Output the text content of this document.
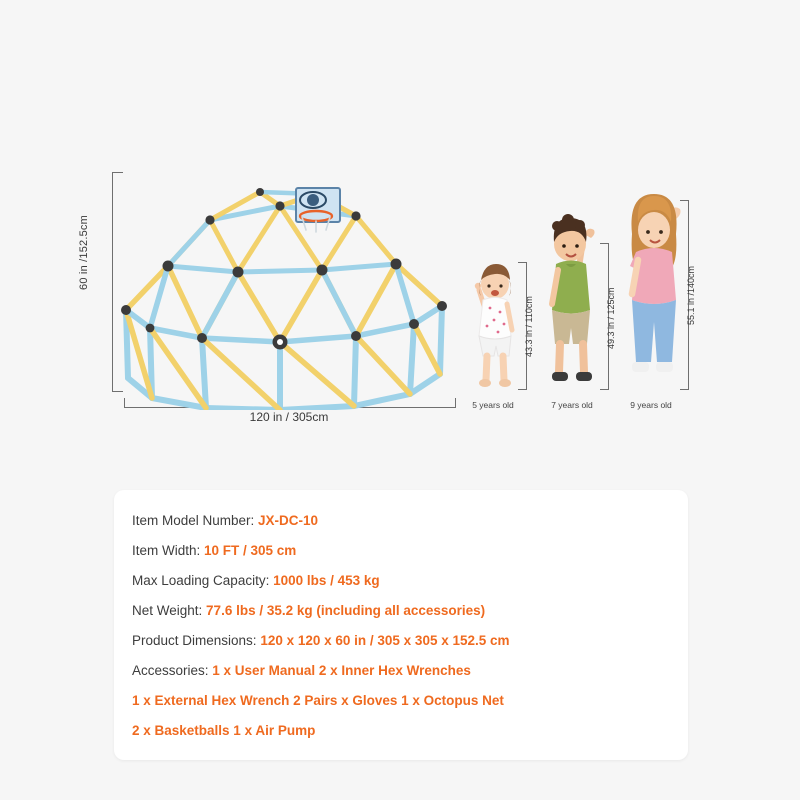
60 in /152.5cm
120 in / 305cm
43.3 in / 110cm
5 years old
49.3 in / 125cm
7 years old
55.1 in /140cm
9 years old
Item Model Number: JX-DC-10
Item Width: 10 FT / 305 cm
Max Loading Capacity: 1000 lbs / 453 kg
Net Weight: 77.6 lbs / 35.2 kg (including all accessories)
Product Dimensions: 120 x 120 x 60 in / 305 x 305 x 152.5 cm
Accessories: 1 x User Manual 2 x Inner Hex Wrenches
1 x External Hex Wrench 2 Pairs x Gloves 1 x Octopus Net
2 x Basketballs 1 x Air Pump
